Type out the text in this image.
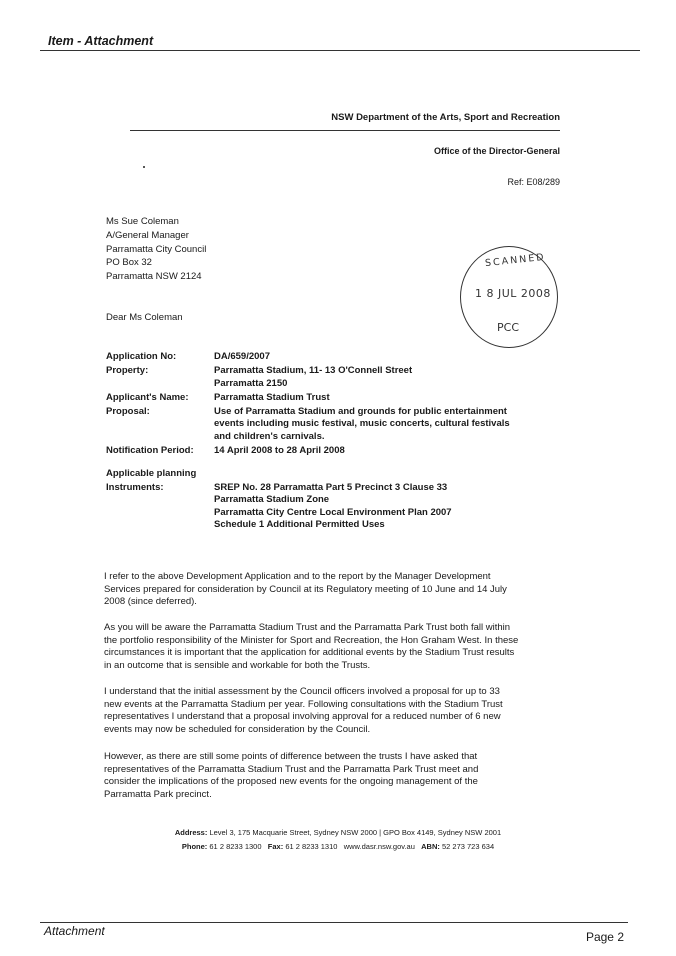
Item - Attachment
NSW Department of the Arts, Sport and Recreation
Office of the Director-General
Ref: E08/289
Ms Sue Coleman
A/General Manager
Parramatta City Council
PO Box 32
Parramatta NSW 2124
SCANNED
1 8 JUL 2008
PCC
Dear Ms Coleman
Application No:	DA/659/2007
Property:	Parramatta Stadium, 11- 13 O'Connell Street
Parramatta 2150
Applicant's Name:	Parramatta Stadium Trust
Proposal:	Use of Parramatta Stadium and grounds for public entertainment
events including music festival, music concerts, cultural festivals
and children's carnivals.
Notification Period:	14 April 2008 to 28 April 2008
Applicable planning
Instruments:	SREP No. 28 Parramatta Part 5 Precinct 3 Clause 33
Parramatta Stadium Zone
Parramatta City Centre Local Environment Plan 2007
Schedule 1 Additional Permitted Uses
I refer to the above Development Application and to the report by the Manager Development
Services prepared for consideration by Council at its Regulatory meeting of 10 June and 14 July
2008 (since deferred).
As you will be aware the Parramatta Stadium Trust and the Parramatta Park Trust both fall within
the portfolio responsibility of the Minister for Sport and Recreation, the Hon Graham West. In these
circumstances it is important that the application for additional events by the Stadium Trust results
in an outcome that is sensible and workable for both the Trusts.
I understand that the initial assessment by the Council officers involved a proposal for up to 33
new events at the Parramatta Stadium per year. Following consultations with the Stadium Trust
representatives I understand that a proposal involving approval for a reduced number of 6 new
events may now be scheduled for consideration by the Council.
However, as there are still some points of difference between the trusts I have asked that
representatives of the Parramatta Stadium Trust and the Parramatta Park Trust meet and
consider the implications of the proposed new events for the ongoing management of the
Parramatta Park precinct.
Address: Level 3, 175 Macquarie Street, Sydney NSW 2000 | GPO Box 4149, Sydney NSW 2001
Phone: 61 2 8233 1300 Fax: 61 2 8233 1310 www.dasr.nsw.gov.au ABN: 52 273 723 634
Attachment	Page 2
